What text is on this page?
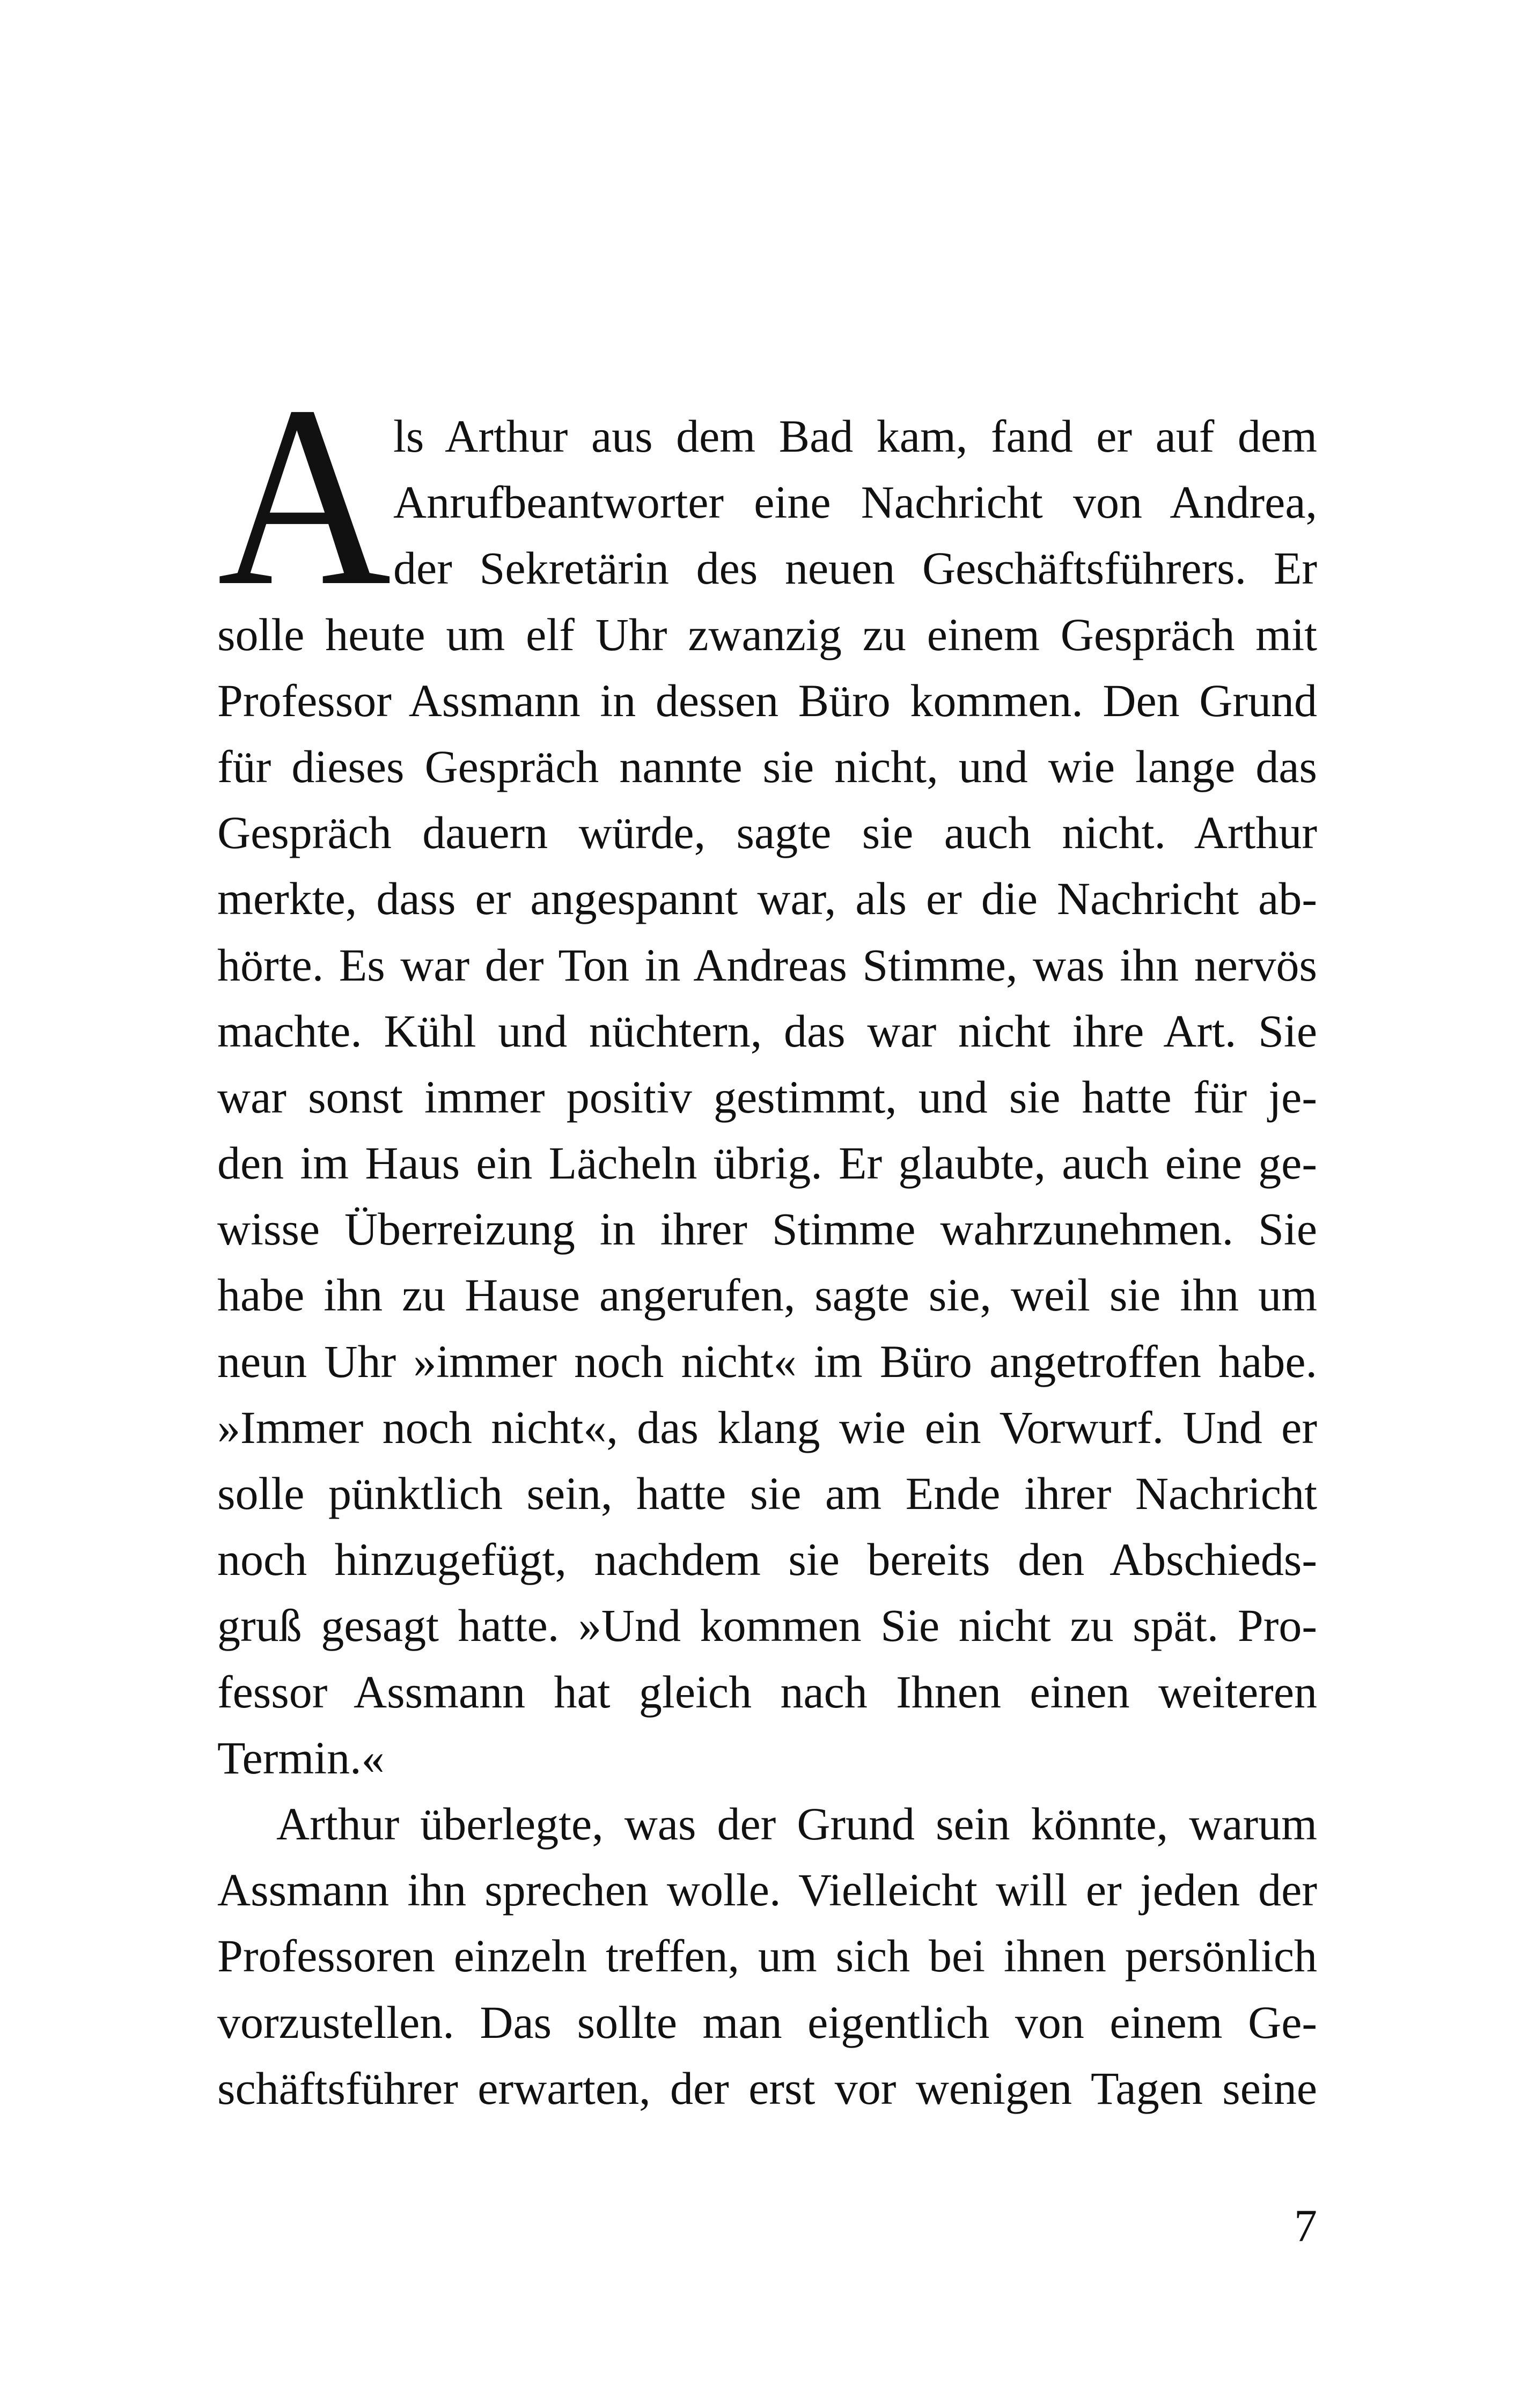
A ls Arthur aus dem Bad kam, fand er auf dem
Anrufbeantworter eine Nachricht von Andrea,
der Sekretärin des neuen Geschäftsführers. Er
solle heute um elf Uhr zwanzig zu einem Gespräch mit
Professor Assmann in dessen Büro kommen. Den Grund
für dieses Gespräch nannte sie nicht, und wie lange das
Gespräch dauern würde, sagte sie auch nicht. Arthur
merkte, dass er angespannt war, als er die Nachricht ab-
hörte. Es war der Ton in Andreas Stimme, was ihn nervös
machte. Kühl und nüchtern, das war nicht ihre Art. Sie
war sonst immer positiv gestimmt, und sie hatte für je-
den im Haus ein Lächeln übrig. Er glaubte, auch eine ge-
wisse Überreizung in ihrer Stimme wahrzunehmen. Sie
habe ihn zu Hause angerufen, sagte sie, weil sie ihn um
neun Uhr »immer noch nicht« im Büro angetroffen habe.
»Immer noch nicht«, das klang wie ein Vorwurf. Und er
solle pünktlich sein, hatte sie am Ende ihrer Nachricht
noch hinzugefügt, nachdem sie bereits den Abschieds-
gruß gesagt hatte. »Und kommen Sie nicht zu spät. Pro-
fessor Assmann hat gleich nach Ihnen einen weiteren
Termin.«
Arthur überlegte, was der Grund sein könnte, warum
Assmann ihn sprechen wolle. Vielleicht will er jeden der
Professoren einzeln treffen, um sich bei ihnen persönlich
vorzustellen. Das sollte man eigentlich von einem Ge-
schäftsführer erwarten, der erst vor wenigen Tagen seine
7
